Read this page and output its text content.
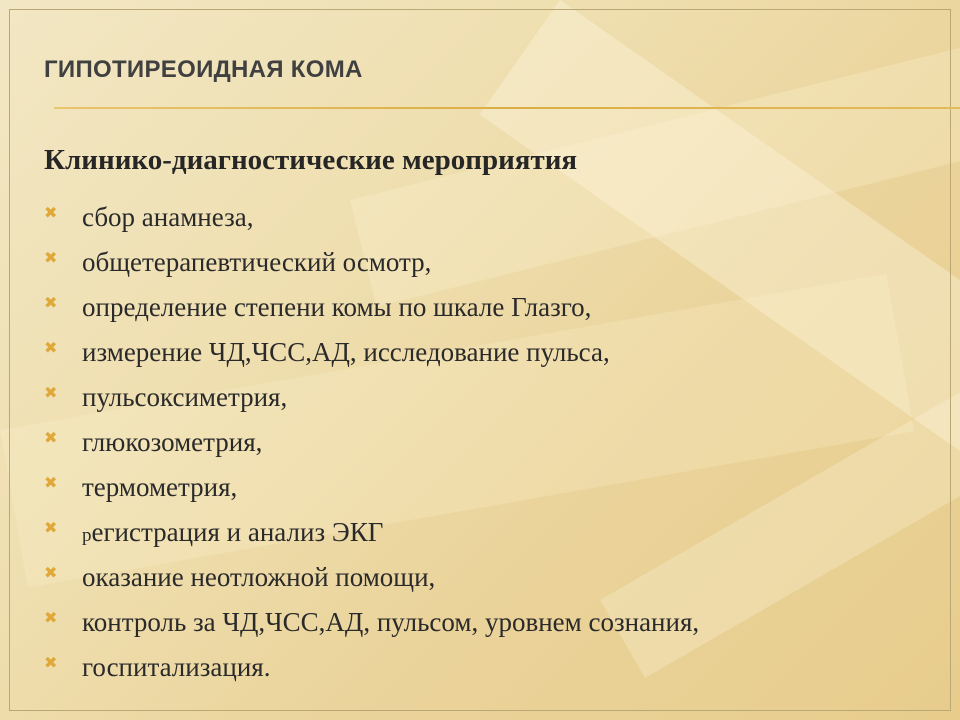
ГИПОТИРЕОИДНАЯ КОМА
Клинико-диагностические мероприятия
✖ сбор анамнеза,
✖ общетерапевтический осмотр,
✖ определение степени комы по шкале Глазго,
✖ измерение ЧД,ЧСС,АД, исследование пульса,
✖ пульсоксиметрия,
✖ глюкозометрия,
✖ термометрия,
✖	регистрация и анализ ЭКГ
✖ оказание неотложной помощи,
✖ контроль за ЧД,ЧСС,АД, пульсом, уровнем сознания,
✖ госпитализация.
